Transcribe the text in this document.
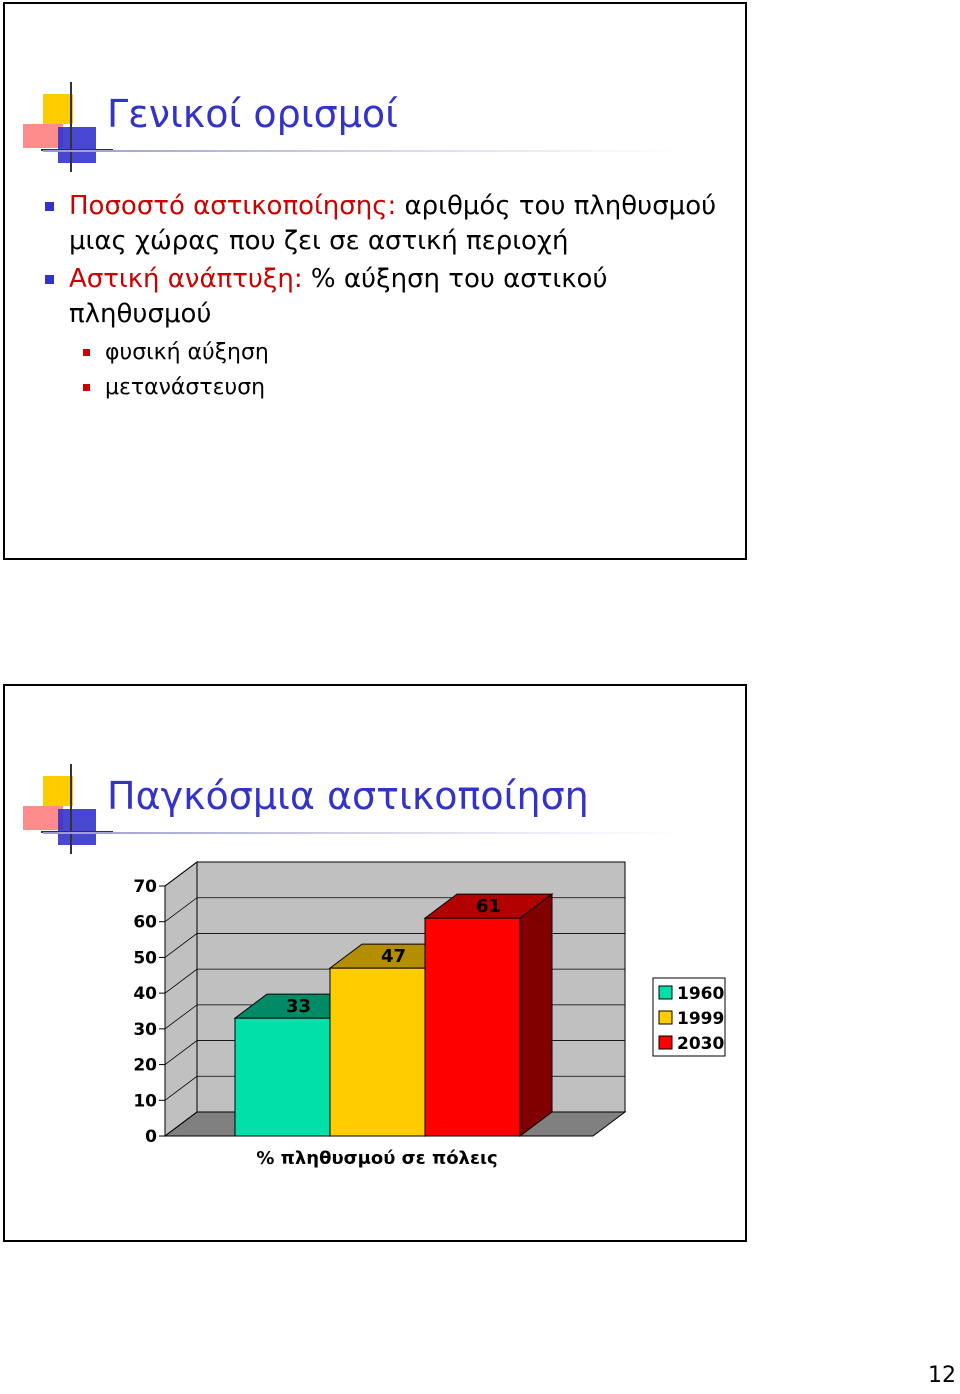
Γενικοί ορισμοί
Ποσοστό αστικοποίησης: αριθμός του πληθυσμού μιας χώρας που ζει σε αστική περιοχή
Αστική ανάπτυξη: % αύξηση του αστικού πληθυσμού
φυσική αύξηση
μετανάστευση
Παγκόσμια αστικοποίηση
0
10
20
30
40
50
60
70
33
47
61
% πληθυσμού σε πόλεις
1960
1999
2030
12
